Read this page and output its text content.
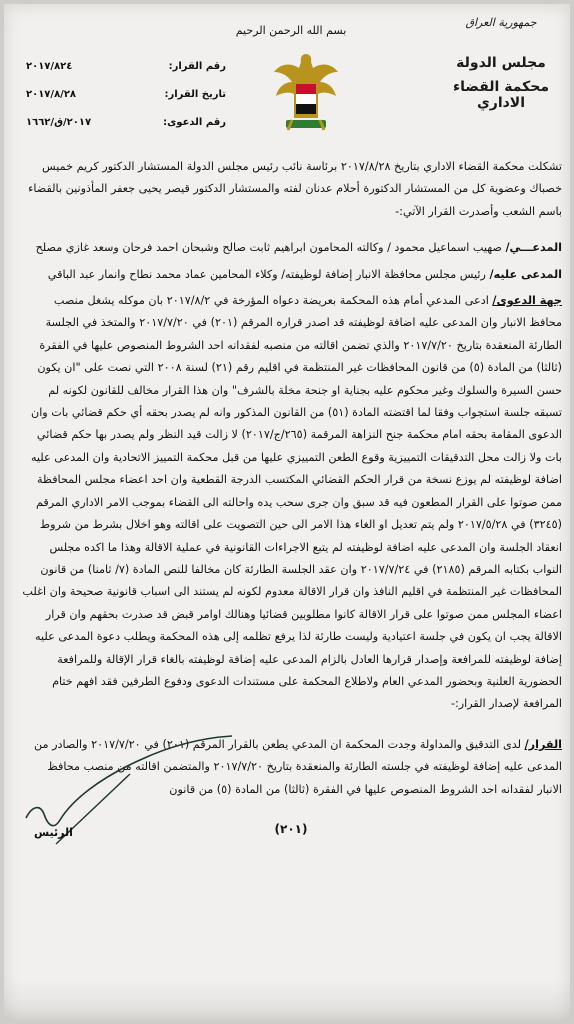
جمهورية العراق
مجلس الدولة
محكمة القضاء الاداري
بسم الله الرحمن الرحيم
٢٠١٧/٨٢٤	رقم القرار:
٢٠١٧/٨/٢٨	تاريخ القرار:
٢٠١٧/ق/١٦٦٢	رقم الدعوى:

تشكلت محكمة القضاء الاداري بتاريخ ٢٠١٧/٨/٢٨ برئاسة نائب رئيس مجلس الدولة المستشار الدكتور كريم خميس خصباك وعضوية كل من المستشار الدكتورة أحلام عدنان لفته والمستشار الدكتور قيصر يحيى جعفر المأذونين بالقضاء باسم الشعب وأصدرت القرار الآتي:-

المدعـــي/ صهيب اسماعيل محمود / وكالته المحامون ابراهيم ثابت صالح وشبحان احمد فرحان وسعد غازي مصلح

المدعى عليه/ رئيس مجلس محافظة الانبار إضافة لوظيفته/ وكلاء المحامين عماد محمد نطاح وانمار عبد الباقي

جهة الدعوى/ ادعى المدعي أمام هذه المحكمة بعريضة دعواه المؤرخة في ٢٠١٧/٨/٢ بان موكله يشغل منصب محافظ الانبار وان المدعى عليه اضافة لوظيفته قد اصدر قراره المرقم (٢٠١) في ٢٠١٧/٧/٢٠ والمتخذ في الجلسة الطارئة المنعقدة بتاريخ ٢٠١٧/٧/٢٠ والذي تضمن اقالته من منصبه لفقدانه احد الشروط المنصوص عليها في الفقرة (ثالثا) من المادة (٥) من قانون المحافظات غير المنتظمة في اقليم رقم (٢١) لسنة ٢٠٠٨ التي نصت على "ان يكون حسن السيرة والسلوك وغير محكوم عليه بجناية او جنحة مخلة بالشرف" وان هذا القرار مخالف للقانون لكونه لم تسبقه جلسة استجواب وفقا لما اقتضته المادة (٥١) من القانون المذكور وانه لم يصدر بحقه أي حكم قضائي بات وان الدعوى المقامة بحقه امام محكمة جنح النزاهة المرقمة (٢٦٥/ج/٢٠١٧) لا زالت قيد النظر ولم يصدر بها حكم قضائي بات ولا زالت محل التدقيقات التمييزية وقوع الطعن التمييزي عليها من قبل محكمة التمييز الاتحادية وان المدعى عليه اضافة لوظيفته لم يوزع نسخة من قرار الحكم القضائي المكتسب الدرجة القطعية وان احد اعضاء مجلس المحافظة ممن صوتوا على القرار المطعون فيه قد سبق وان جرى سحب يده واحالته الى القضاء بموجب الامر الاداري المرقم (٣٢٤٥) في ٢٠١٧/٥/٢٨ ولم يتم تعديل او الغاء هذا الامر الى حين التصويت على اقالته وهو اخلال بشرط من شروط انعقاد الجلسة وان المدعى عليه اضافة لوظيفته لم يتبع الاجراءات القانونية في عملية الاقالة وهذا ما اكده مجلس النواب بكتابه المرقم (٢١٨٥) في ٢٠١٧/٧/٢٤ وان عقد الجلسة الطارئة كان مخالفا للنص المادة (٧/ ثامنا) من قانون المحافظات غير المنتظمة في اقليم النافذ وان قرار الاقالة معدوم لكونه لم يستند الى اسباب قانونية صحيحة وان اغلب اعضاء المجلس ممن صوتوا على قرار الاقالة كانوا مطلوبين قضائيا وهنالك اوامر قبض قد صدرت بحقهم وان قرار الاقالة يجب ان يكون في جلسة اعتيادية وليست طارئة لذا يرفع تظلمه إلى هذه المحكمة ويطلب دعوة المدعى عليه إضافة لوظيفته للمرافعة وإصدار قرارها العادل بالزام المدعى عليه إضافة لوظيفته بالغاء قرار الإقالة وللمرافعة الحضورية العلنية وبحضور المدعي العام ولاطلاع المحكمة على مستندات الدعوى ودفوع الطرفين فقد افهم ختام المرافعة لإصدار القرار:-

القرار/ لدى التدقيق والمداولة وجدت المحكمة ان المدعي يطعن بالقرار المرقم (٢٠١) في ٢٠١٧/٧/٢٠ والصادر من المدعى عليه إضافة لوظيفته في جلسته الطارئة والمنعقدة بتاريخ ٢٠١٧/٧/٢٠ والمتضمن اقالته من منصب محافظ الانبار لفقدانه احد الشروط المنصوص عليها في الفقرة (ثالثا) من المادة (٥) من قانون

الرئيس	(٢٠١)
